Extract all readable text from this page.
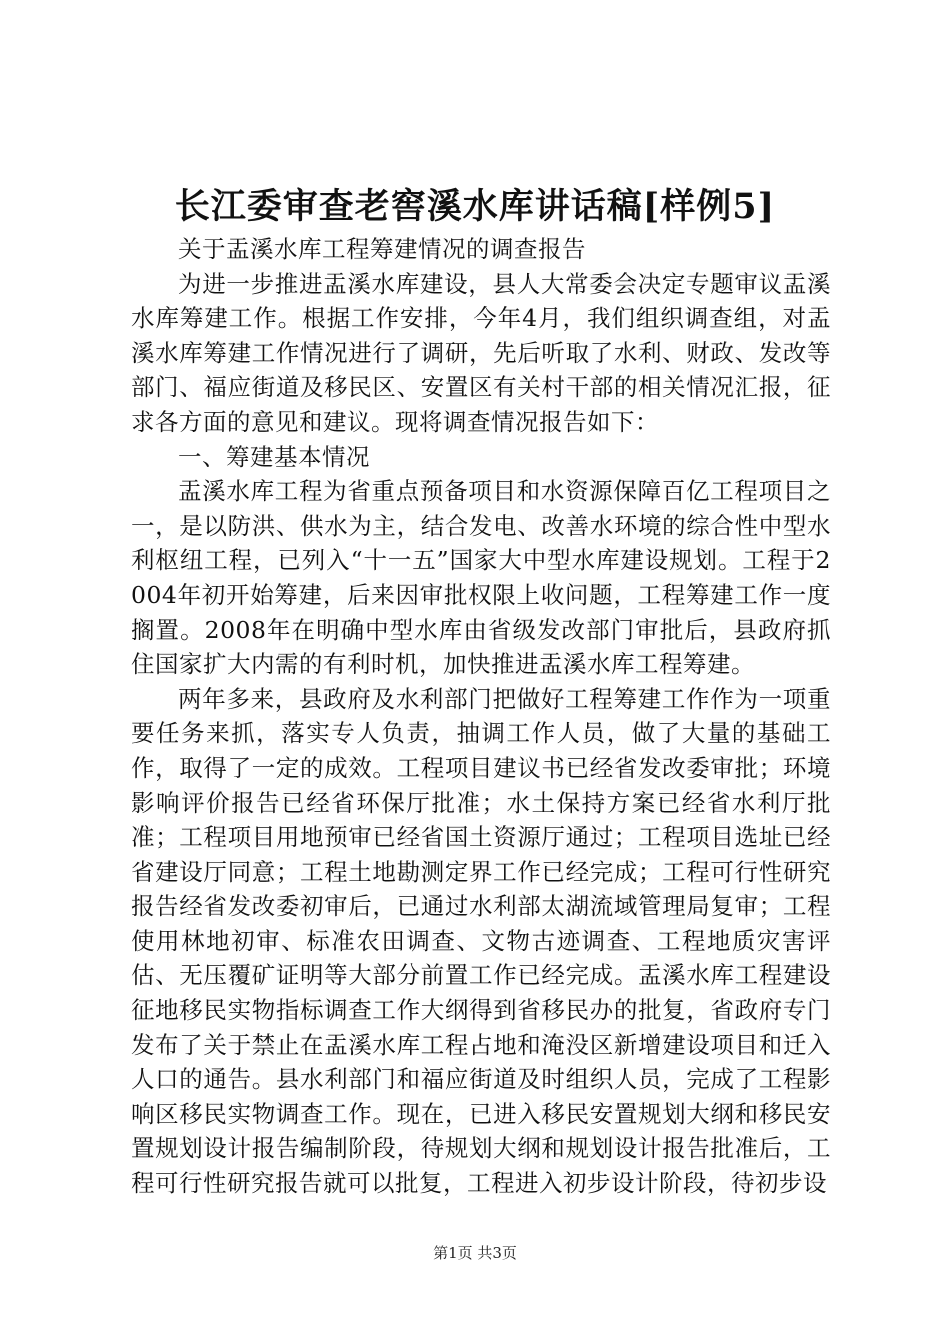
长江委审查老窖溪水库讲话稿[样例5]

关于盂溪水库工程筹建情况的调查报告

为进一步推进盂溪水库建设，县人大常委会决定专题审议盂溪水库筹建工作。根据工作安排，今年4月，我们组织调查组，对盂溪水库筹建工作情况进行了调研，先后听取了水利、财政、发改等部门、福应街道及移民区、安置区有关村干部的相关情况汇报，征求各方面的意见和建议。现将调查情况报告如下：

一、筹建基本情况

盂溪水库工程为省重点预备项目和水资源保障百亿工程项目之一，是以防洪、供水为主，结合发电、改善水环境的综合性中型水利枢纽工程，已列入“十一五”国家大中型水库建设规划。工程于2004年初开始筹建，后来因审批权限上收问题，工程筹建工作一度搁置。2008年在明确中型水库由省级发改部门审批后，县政府抓住国家扩大内需的有利时机，加快推进盂溪水库工程筹建。

两年多来，县政府及水利部门把做好工程筹建工作作为一项重要任务来抓，落实专人负责，抽调工作人员，做了大量的基础工作，取得了一定的成效。工程项目建议书已经省发改委审批；环境影响评价报告已经省环保厅批准；水土保持方案已经省水利厅批准；工程项目用地预审已经省国土资源厅通过；工程项目选址已经省建设厅同意；工程土地勘测定界工作已经完成；工程可行性研究报告经省发改委初审后，已通过水利部太湖流域管理局复审；工程使用林地初审、标准农田调查、文物古迹调查、工程地质灾害评估、无压覆矿证明等大部分前置工作已经完成。盂溪水库工程建设征地移民实物指标调查工作大纲得到省移民办的批复，省政府专门发布了关于禁止在盂溪水库工程占地和淹没区新增建设项目和迁入人口的通告。县水利部门和福应街道及时组织人员，完成了工程影响区移民实物调查工作。现在，已进入移民安置规划大纲和移民安置规划设计报告编制阶段，待规划大纲和规划设计报告批准后，工程可行性研究报告就可以批复，工程进入初步设计阶段，待初步设

第1页 共3页
